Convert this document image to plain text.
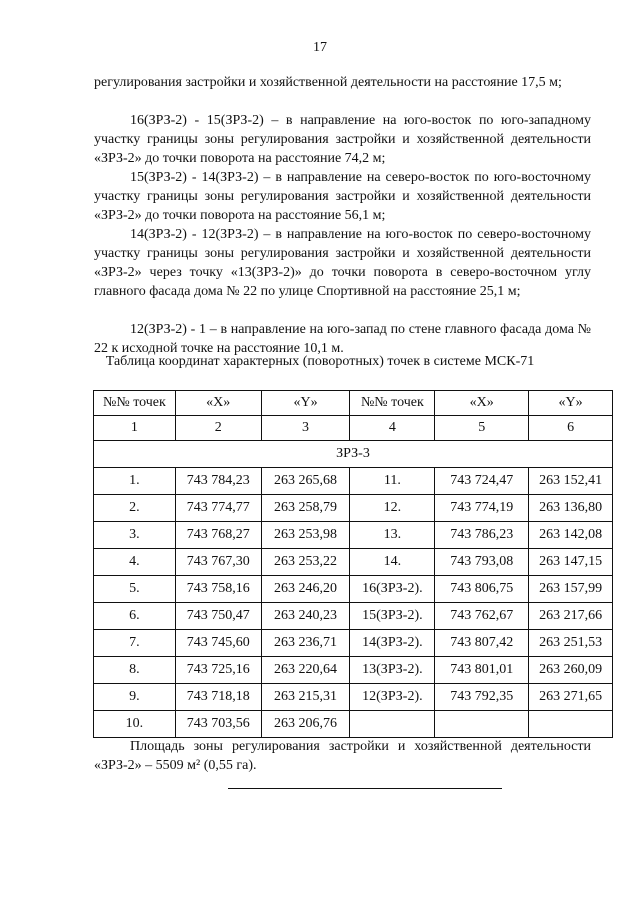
17

регулирования застройки и хозяйственной деятельности на расстояние 17,5 м;

16(ЗРЗ-2) - 15(ЗРЗ-2) – в направление на юго-восток по юго-западному участку границы зоны регулирования застройки и хозяйственной деятельности «ЗРЗ-2» до точки поворота на расстояние 74,2 м;

15(ЗРЗ-2) - 14(ЗРЗ-2) – в направление на северо-восток по юго-восточному участку границы зоны регулирования застройки и хозяйственной деятельности «ЗРЗ-2» до точки поворота на расстояние 56,1 м;

14(ЗРЗ-2) - 12(ЗРЗ-2) – в направление на юго-восток по северо-восточному участку границы зоны регулирования застройки и хозяйственной деятельности «ЗРЗ-2» через точку «13(ЗРЗ-2)» до точки поворота в северо-восточном углу главного фасада дома № 22 по улице Спортивной на расстояние 25,1 м;

12(ЗРЗ-2) - 1 – в направление на юго-запад по стене главного фасада дома № 22 к исходной точке на расстояние 10,1 м.

Таблица координат характерных (поворотных) точек в системе МСК-71
№№ точек	«X»	«Y»	№№ точек	«X»	«Y»
1	2	3	4	5	6
ЗРЗ-3					
1.	743 784,23	263 265,68	11.	743 724,47	263 152,41
2.	743 774,77	263 258,79	12.	743 774,19	263 136,80
3.	743 768,27	263 253,98	13.	743 786,23	263 142,08
4.	743 767,30	263 253,22	14.	743 793,08	263 147,15
5.	743 758,16	263 246,20	16(ЗРЗ-2).	743 806,75	263 157,99
6.	743 750,47	263 240,23	15(ЗРЗ-2).	743 762,67	263 217,66
7.	743 745,60	263 236,71	14(ЗРЗ-2).	743 807,42	263 251,53
8.	743 725,16	263 220,64	13(ЗРЗ-2).	743 801,01	263 260,09
9.	743 718,18	263 215,31	12(ЗРЗ-2).	743 792,35	263 271,65
10.	743 703,56	263 206,76			

Площадь зоны регулирования застройки и хозяйственной деятельности «ЗРЗ-2» – 5509 м² (0,55 га).
